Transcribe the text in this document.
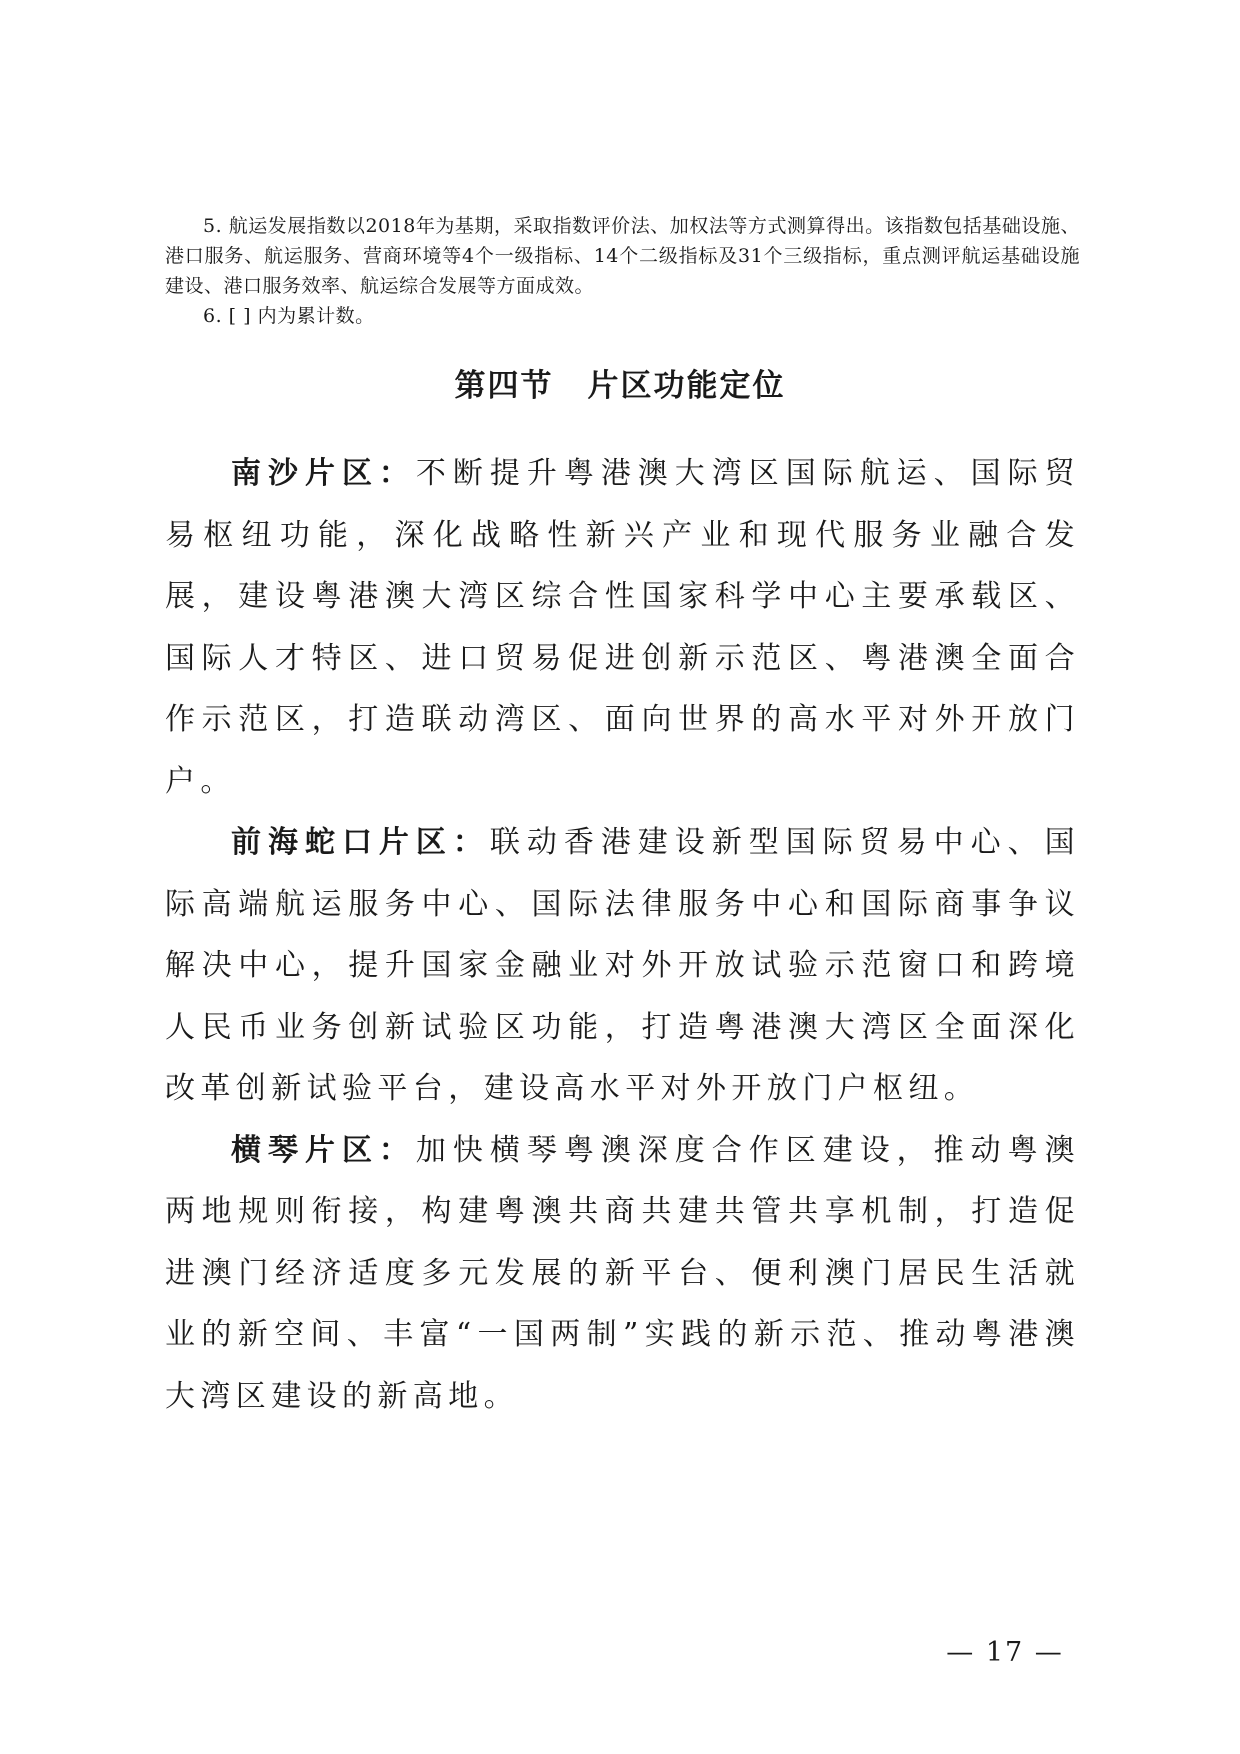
5. 航运发展指数以2018年为基期，采取指数评价法、加权法等方式测算得出。该指数包括基础设施、港口服务、航运服务、营商环境等4个一级指标、14个二级指标及31个三级指标，重点测评航运基础设施建设、港口服务效率、航运综合发展等方面成效。

6. [ ] 内为累计数。

第四节 片区功能定位

南沙片区：不断提升粤港澳大湾区国际航运、国际贸易枢纽功能，深化战略性新兴产业和现代服务业融合发展，建设粤港澳大湾区综合性国家科学中心主要承载区、国际人才特区、进口贸易促进创新示范区、粤港澳全面合作示范区，打造联动湾区、面向世界的高水平对外开放门户。

前海蛇口片区：联动香港建设新型国际贸易中心、国际高端航运服务中心、国际法律服务中心和国际商事争议解决中心，提升国家金融业对外开放试验示范窗口和跨境人民币业务创新试验区功能，打造粤港澳大湾区全面深化改革创新试验平台，建设高水平对外开放门户枢纽。

横琴片区：加快横琴粤澳深度合作区建设，推动粤澳两地规则衔接，构建粤澳共商共建共管共享机制，打造促进澳门经济适度多元发展的新平台、便利澳门居民生活就业的新空间、丰富“一国两制”实践的新示范、推动粤港澳大湾区建设的新高地。

— 17 —
